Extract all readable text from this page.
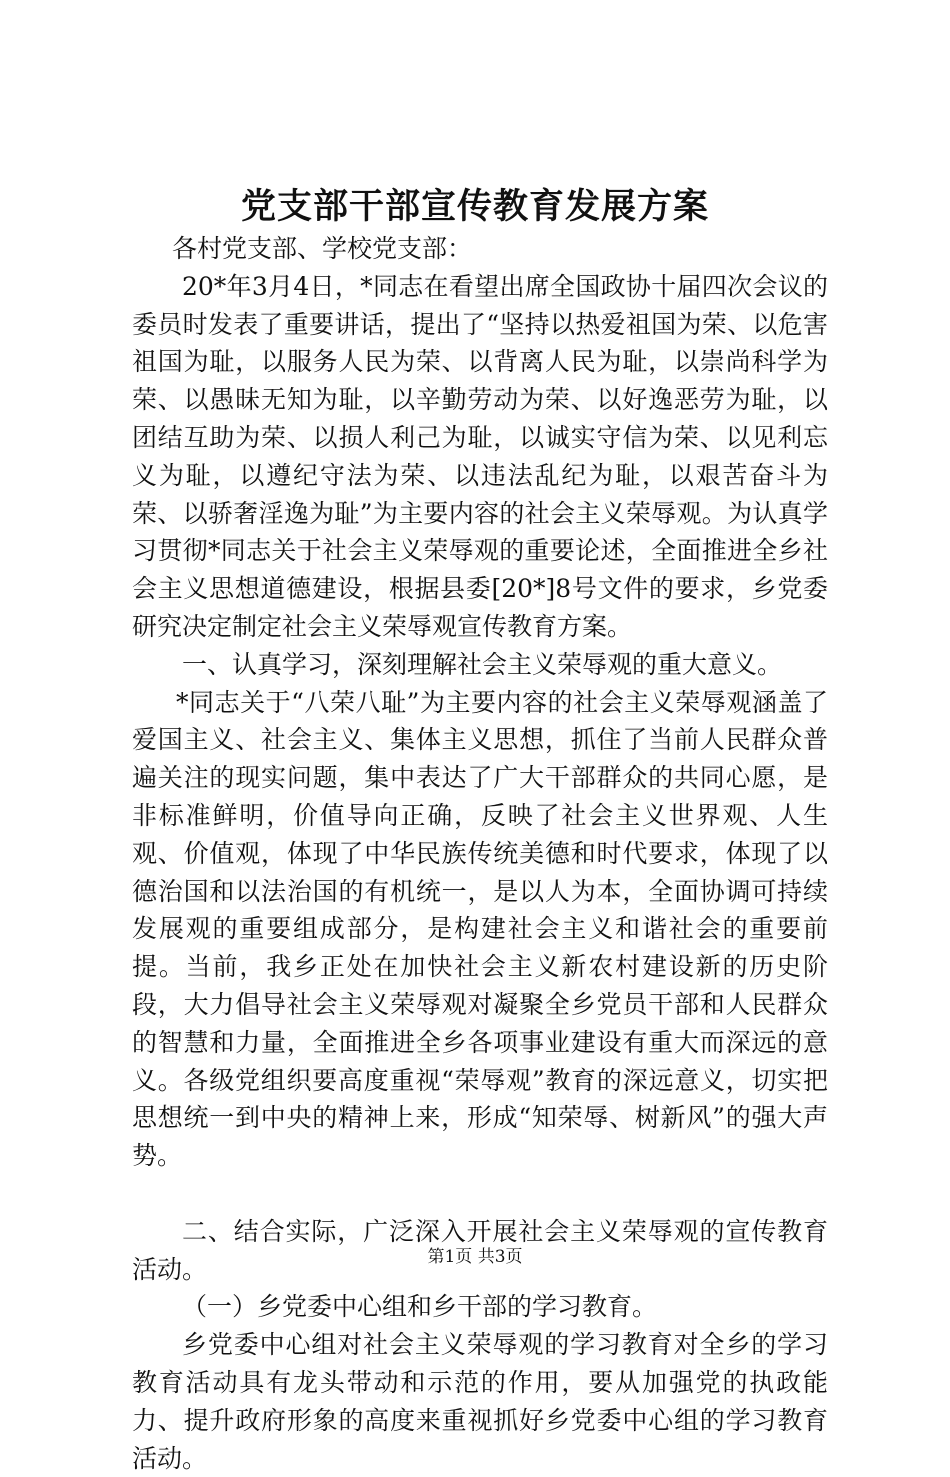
党支部干部宣传教育发展方案

各村党支部、学校党支部：

20*年3月4日，*同志在看望出席全国政协十届四次会议的委员时发表了重要讲话，提出了“坚持以热爱祖国为荣、以危害祖国为耻，以服务人民为荣、以背离人民为耻，以崇尚科学为荣、以愚昧无知为耻，以辛勤劳动为荣、以好逸恶劳为耻，以团结互助为荣、以损人利己为耻，以诚实守信为荣、以见利忘义为耻，以遵纪守法为荣、以违法乱纪为耻，以艰苦奋斗为荣、以骄奢淫逸为耻”为主要内容的社会主义荣辱观。为认真学习贯彻*同志关于社会主义荣辱观的重要论述，全面推进全乡社会主义思想道德建设，根据县委[20*]8号文件的要求，乡党委研究决定制定社会主义荣辱观宣传教育方案。

一、认真学习，深刻理解社会主义荣辱观的重大意义。

*同志关于“八荣八耻”为主要内容的社会主义荣辱观涵盖了爱国主义、社会主义、集体主义思想，抓住了当前人民群众普遍关注的现实问题，集中表达了广大干部群众的共同心愿，是非标准鲜明，价值导向正确，反映了社会主义世界观、人生观、价值观，体现了中华民族传统美德和时代要求，体现了以德治国和以法治国的有机统一，是以人为本，全面协调可持续发展观的重要组成部分，是构建社会主义和谐社会的重要前提。当前，我乡正处在加快社会主义新农村建设新的历史阶段，大力倡导社会主义荣辱观对凝聚全乡党员干部和人民群众的智慧和力量，全面推进全乡各项事业建设有重大而深远的意义。各级党组织要高度重视“荣辱观”教育的深远意义，切实把思想统一到中央的精神上来，形成“知荣辱、树新风”的强大声势。

二、结合实际，广泛深入开展社会主义荣辱观的宣传教育活动。

（一）乡党委中心组和乡干部的学习教育。

乡党委中心组对社会主义荣辱观的学习教育对全乡的学习教育活动具有龙头带动和示范的作用，要从加强党的执政能力、提升政府形象的高度来重视抓好乡党委中心组的学习教育活动。

第1页 共3页
